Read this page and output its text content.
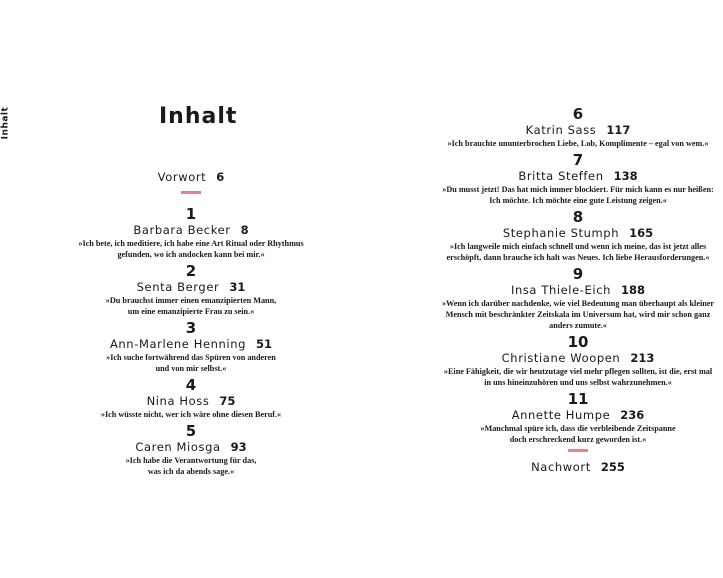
Inhalt	Inhalt
Vorwort 6
1
Barbara Becker 8
»Ich bete, ich meditiere, ich habe eine Art Ritual oder Rhythmus
gefunden, wo ich andocken kann bei mir.«
2
Senta Berger 31
»Du brauchst immer einen emanzipierten Mann,
um eine emanzipierte Frau zu sein.«
3
Ann-Marlene Henning 51
»Ich suche fortwährend das Spüren von anderen
und von mir selbst.«
4
Nina Hoss 75
»Ich wüsste nicht, wer ich wäre ohne diesen Beruf.«
5
Caren Miosga 93
»Ich habe die Verantwortung für das,
was ich da abends sage.«
6
Katrin Sass 117
»Ich brauchte ununterbrochen Liebe, Lob, Komplimente – egal von wem.«
7
Britta Steffen 138
»Du musst jetzt! Das hat mich immer blockiert. Für mich kann es nur heißen:
Ich möchte. Ich möchte eine gute Leistung zeigen.«
8
Stephanie Stumph 165
»Ich langweile mich einfach schnell und wenn ich meine, das ist jetzt alles
erschöpft, dann brauche ich halt was Neues. Ich liebe Herausforderungen.«
9
Insa Thiele-Eich 188
»Wenn ich darüber nachdenke, wie viel Bedeutung man überhaupt als kleiner
Mensch mit beschränkter Zeitskala im Universum hat, wird mir schon ganz
anders zumute.«
10
Christiane Woopen 213
»Eine Fähigkeit, die wir heutzutage viel mehr pflegen sollten, ist die, erst mal
in uns hineinzuhören und uns selbst wahrzunehmen.«
11
Annette Humpe 236
»Manchmal spüre ich, dass die verbleibende Zeitspanne
doch erschreckend kurz geworden ist.«
Nachwort 255
